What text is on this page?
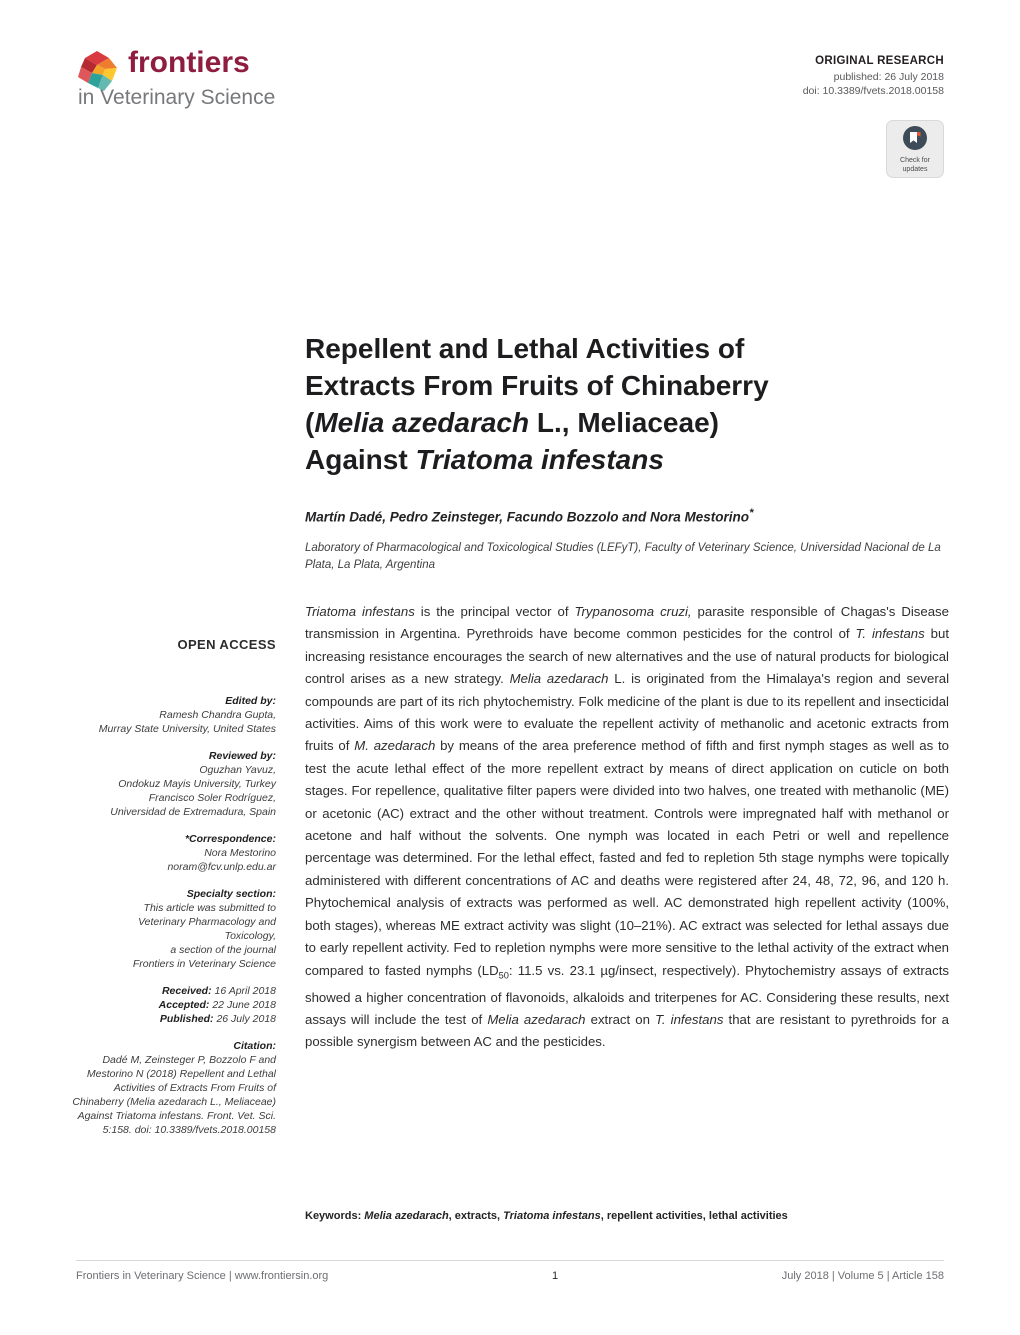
frontiers
in Veterinary Science
ORIGINAL RESEARCH
published: 26 July 2018
doi: 10.3389/fvets.2018.00158
Check for
updates
Repellent and Lethal Activities of
Extracts From Fruits of Chinaberry
(Melia azedarach L., Meliaceae)
Against Triatoma infestans

Martín Dadé, Pedro Zeinsteger, Facundo Bozzolo and Nora Mestorino*

Laboratory of Pharmacological and Toxicological Studies (LEFyT), Faculty of Veterinary Science, Universidad Nacional de La Plata, La Plata, Argentina

OPEN ACCESS
Edited by:
Ramesh Chandra Gupta,
Murray State University, United States
Reviewed by:
Oguzhan Yavuz,
Ondokuz Mayis University, Turkey
Francisco Soler Rodríguez,
Universidad de Extremadura, Spain
*Correspondence:
Nora Mestorino
noram@fcv.unlp.edu.ar
Specialty section:
This article was submitted to
Veterinary Pharmacology and
Toxicology,
a section of the journal
Frontiers in Veterinary Science
Received: 16 April 2018
Accepted: 22 June 2018
Published: 26 July 2018
Citation:
Dadé M, Zeinsteger P, Bozzolo F and Mestorino N (2018) Repellent and Lethal Activities of Extracts From Fruits of Chinaberry (Melia azedarach L., Meliaceae) Against Triatoma infestans. Front. Vet. Sci. 5:158. doi: 10.3389/fvets.2018.00158

Triatoma infestans is the principal vector of Trypanosoma cruzi, parasite responsible of Chagas's Disease transmission in Argentina. Pyrethroids have become common pesticides for the control of T. infestans but increasing resistance encourages the search of new alternatives and the use of natural products for biological control arises as a new strategy. Melia azedarach L. is originated from the Himalaya's region and several compounds are part of its rich phytochemistry. Folk medicine of the plant is due to its repellent and insecticidal activities. Aims of this work were to evaluate the repellent activity of methanolic and acetonic extracts from fruits of M. azedarach by means of the area preference method of fifth and first nymph stages as well as to test the acute lethal effect of the more repellent extract by means of direct application on cuticle on both stages. For repellence, qualitative filter papers were divided into two halves, one treated with methanolic (ME) or acetonic (AC) extract and the other without treatment. Controls were impregnated half with methanol or acetone and half without the solvents. One nymph was located in each Petri or well and repellence percentage was determined. For the lethal effect, fasted and fed to repletion 5th stage nymphs were topically administered with different concentrations of AC and deaths were registered after 24, 48, 72, 96, and 120 h. Phytochemical analysis of extracts was performed as well. AC demonstrated high repellent activity (100%, both stages), whereas ME extract activity was slight (10–21%). AC extract was selected for lethal assays due to early repellent activity. Fed to repletion nymphs were more sensitive to the lethal activity of the extract when compared to fasted nymphs ($LD_{50}$: 11.5 vs. 23.1 µg/insect, respectively). Phytochemistry assays of extracts showed a higher concentration of flavonoids, alkaloids and triterpenes for AC. Considering these results, next assays will include the test of Melia azedarach extract on T. infestans that are resistant to pyrethroids for a possible synergism between AC and the pesticides.

Keywords: Melia azedarach, extracts, Triatoma infestans, repellent activities, lethal activities

Frontiers in Veterinary Science | www.frontiersin.org	1	July 2018 | Volume 5 | Article 158
